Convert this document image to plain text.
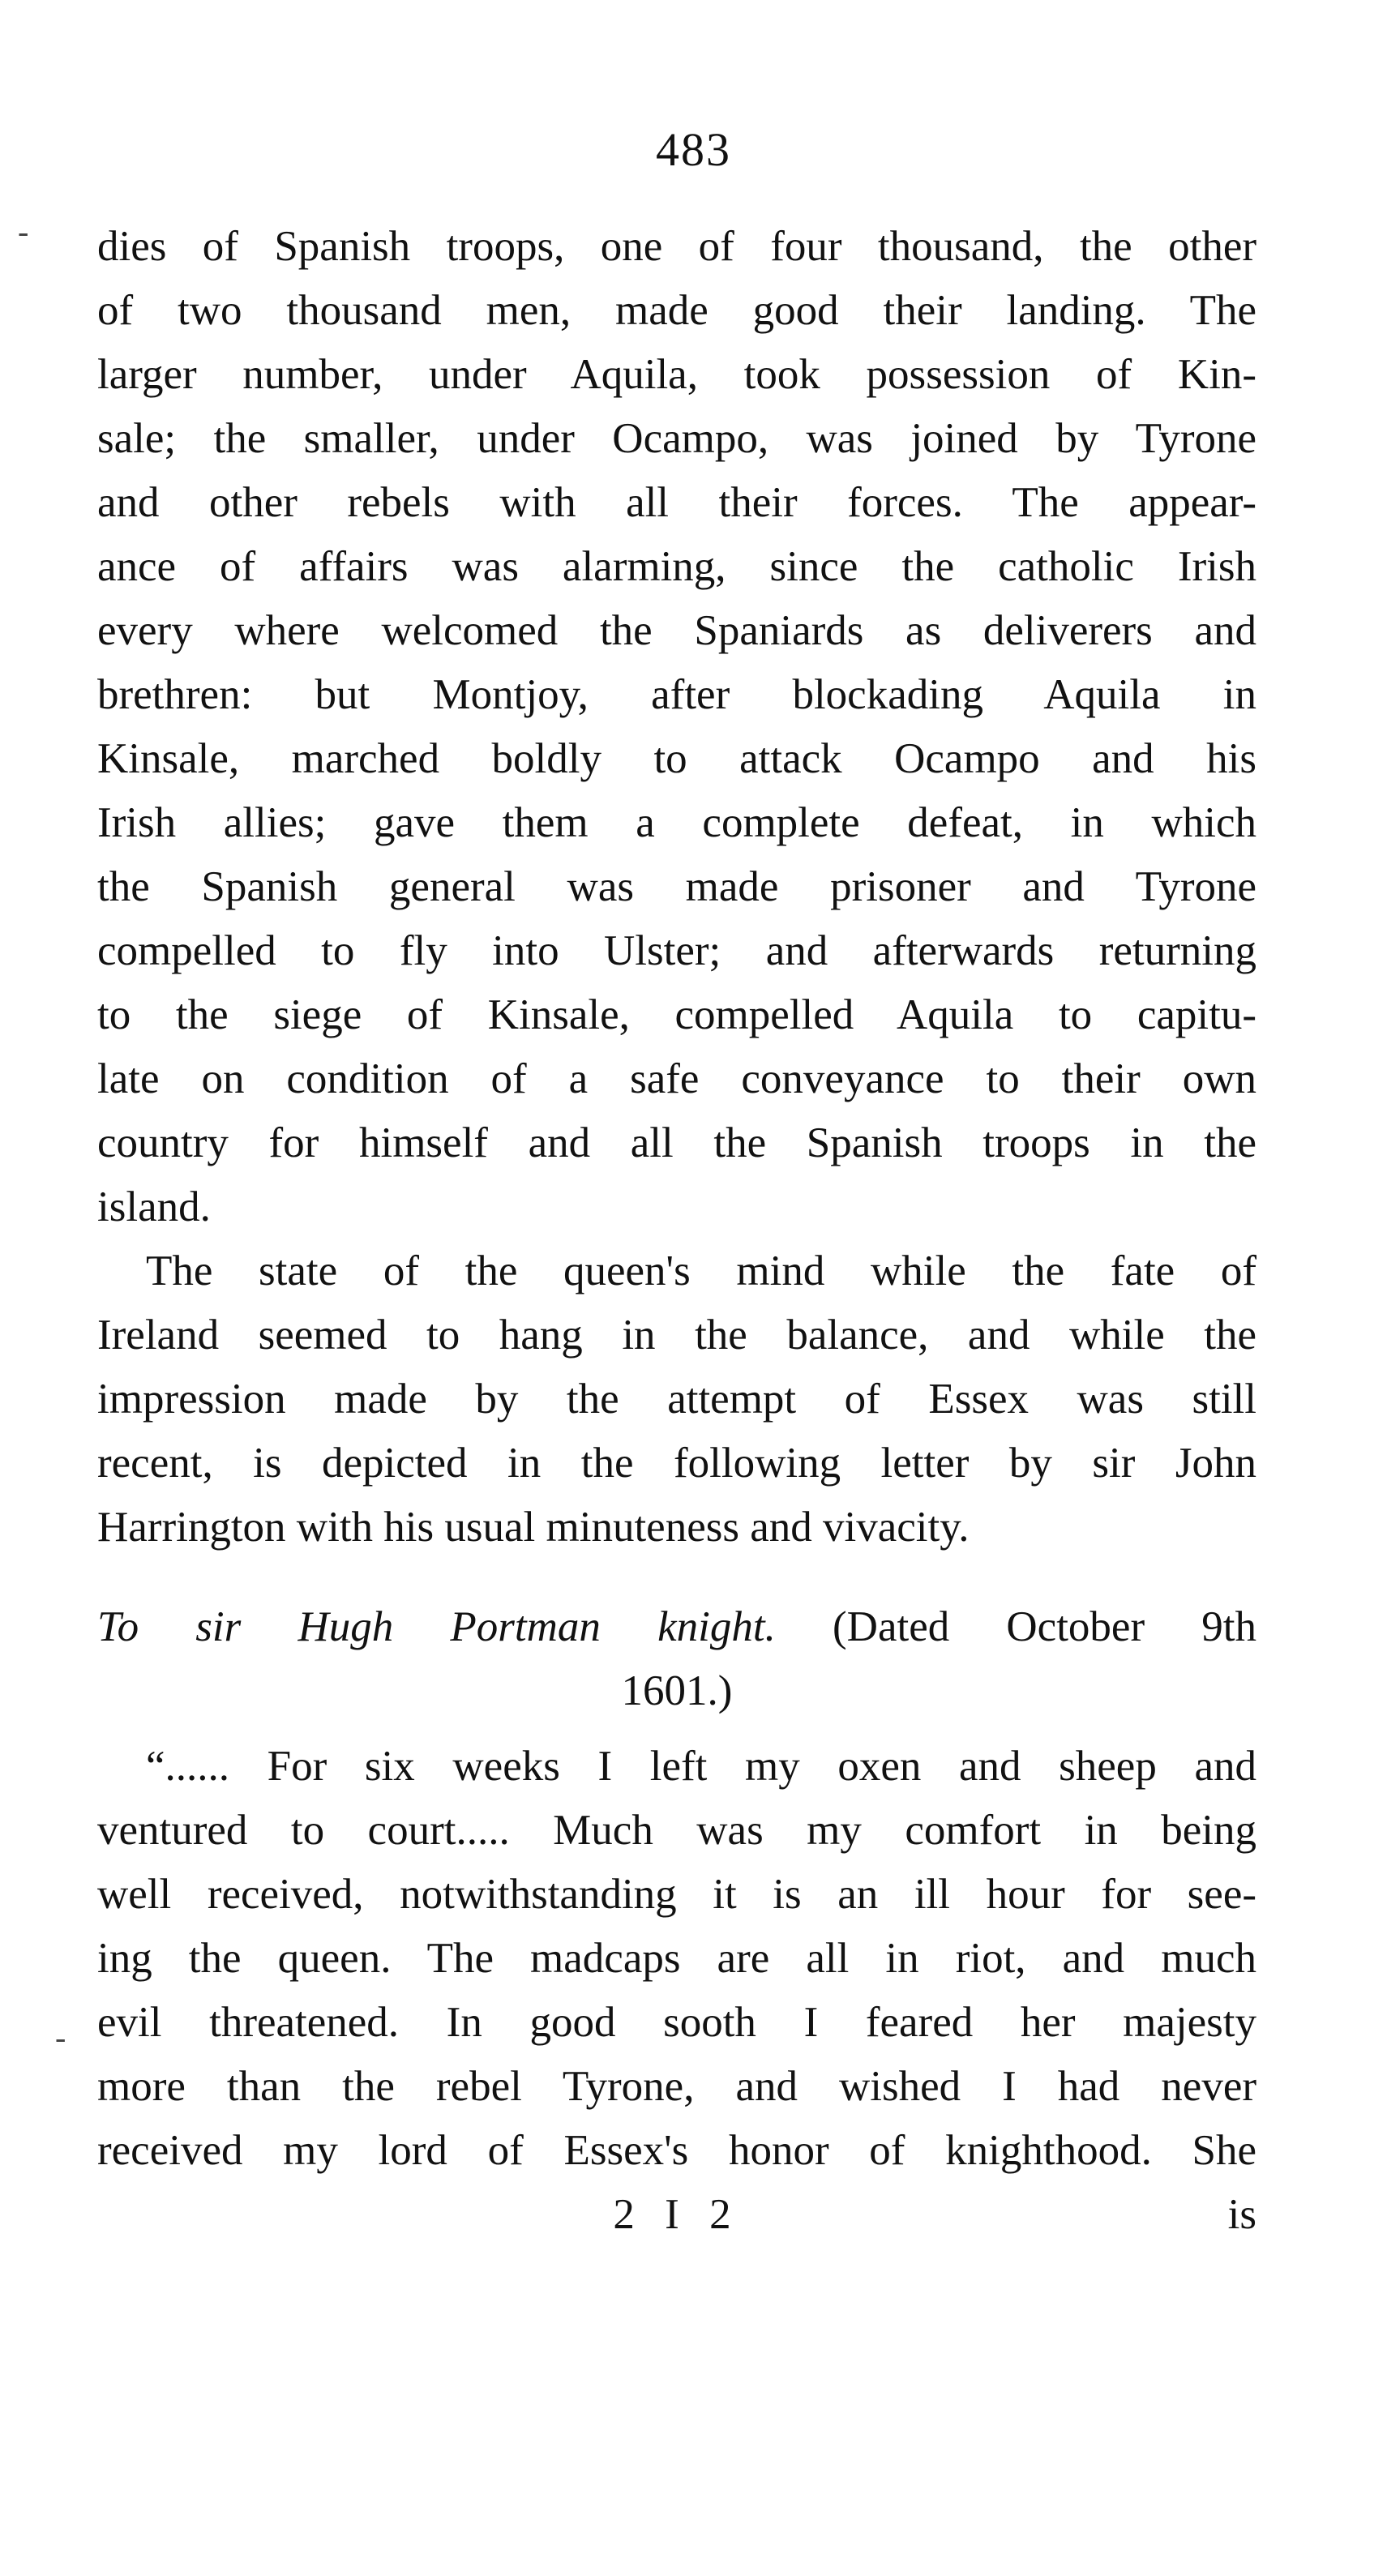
483
-
-
dies of Spanish troops, one of four thousand, the other
of two thousand men, made good their landing. The
larger number, under Aquila, took possession of Kin-
sale; the smaller, under Ocampo, was joined by Tyrone
and other rebels with all their forces. The appear-
ance of affairs was alarming, since the catholic Irish
every where welcomed the Spaniards as deliverers and
brethren: but Montjoy, after blockading Aquila in
Kinsale, marched boldly to attack Ocampo and his
Irish allies; gave them a complete defeat, in which
the Spanish general was made prisoner and Tyrone
compelled to fly into Ulster; and afterwards returning
to the siege of Kinsale, compelled Aquila to capitu-
late on condition of a safe conveyance to their own
country for himself and all the Spanish troops in the
island.
The state of the queen's mind while the fate of
Ireland seemed to hang in the balance, and while the
impression made by the attempt of Essex was still
recent, is depicted in the following letter by sir John
Harrington with his usual minuteness and vivacity.
To sir Hugh Portman knight. (Dated October 9th
1601.)
“...... For six weeks I left my oxen and sheep and
ventured to court..... Much was my comfort in being
well received, notwithstanding it is an ill hour for see-
ing the queen. The madcaps are all in riot, and much
evil threatened. In good sooth I feared her majesty
more than the rebel Tyrone, and wished I had never
received my lord of Essex's honor of knighthood. She
2 I 2	is
